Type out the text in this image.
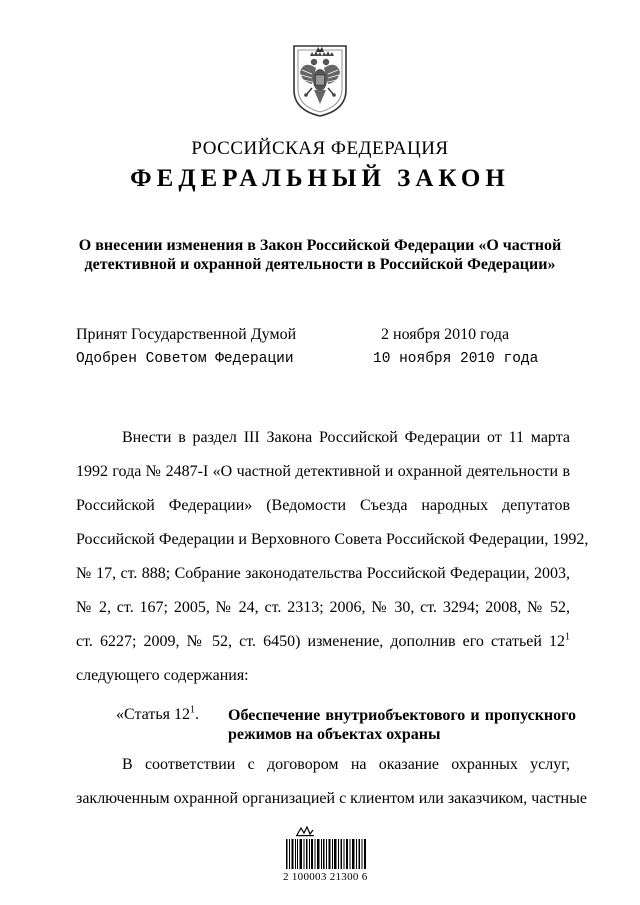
РОССИЙСКАЯ ФЕДЕРАЦИЯ
ФЕДЕРАЛЬНЫЙ ЗАКОН
О внесении изменения в Закон Российской Федерации «О частной
детективной и охранной деятельности в Российской Федерации»
Принят Государственной Думой	2 ноября 2010 года
Одобрен Советом Федерации	10 ноября 2010 года
Внести в раздел III Закона Российской Федерации от 11 марта
1992 года № 2487-I «О частной детективной и охранной деятельности в
Российской Федерации» (Ведомости Съезда народных депутатов
Российской Федерации и Верховного Совета Российской Федерации, 1992,
№ 17, ст. 888; Собрание законодательства Российской Федерации, 2003,
№ 2, ст. 167; 2005, № 24, ст. 2313; 2006, № 30, ст. 3294; 2008, № 52,
ст. 6227; 2009, № 52, ст. 6450) изменение, дополнив его статьей $12^1$
следующего содержания:
«Статья $12^1$. Обеспечение внутриобъектового и пропускного
режимов на объектах охраны
В соответствии с договором на оказание охранных услуг,
заключенным охранной организацией с клиентом или заказчиком, частные
2 100003 21300 6
